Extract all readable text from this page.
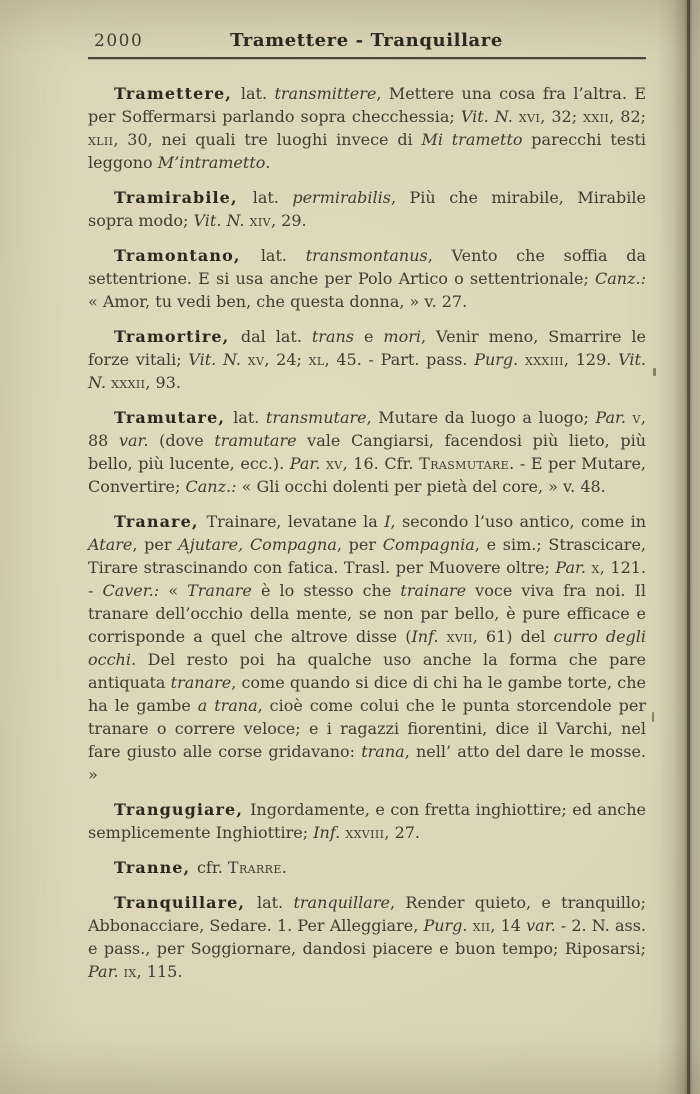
2000	Tramettere - Tranquillare

Tramettere, lat. transmittere, Mettere una cosa fra l’altra. E per Soffermarsi parlando sopra checchessia; Vit. N. xvi, 32; xxii, 82; xlii, 30, nei quali tre luoghi invece di Mi trametto parecchi testi leggono M’intrametto.

Tramirabile, lat. permirabilis, Più che mirabile, Mirabile sopra modo; Vit. N. xiv, 29.

Tramontano, lat. transmontanus, Vento che soffia da settentrione. E si usa anche per Polo Artico o settentrionale; Canz.: « Amor, tu vedi ben, che questa donna, » v. 27.

Tramortire, dal lat. trans e mori, Venir meno, Smarrire le forze vitali; Vit. N. xv, 24; xl, 45. - Part. pass. Purg. xxxiii, 129. Vit. N. xxxii, 93.

Tramutare, lat. transmutare, Mutare da luogo a luogo; Par. v, 88 var. (dove tramutare vale Cangiarsi, facendosi più lieto, più bello, più lucente, ecc.). Par. xv, 16. Cfr. Trasmutare. - E per Mutare, Convertire; Canz.: « Gli occhi dolenti per pietà del core, » v. 48.

Tranare, Trainare, levatane la I, secondo l’uso antico, come in Atare, per Ajutare, Compagna, per Compagnia, e sim.; Strascicare, Tirare strascinando con fatica. Trasl. per Muovere oltre; Par. x, 121. - Caver.: « Tranare è lo stesso che trainare voce viva fra noi. Il tranare dell’occhio della mente, se non par bello, è pure efficace e corrisponde a quel che altrove disse (Inf. xvii, 61) del curro degli occhi. Del resto poi ha qualche uso anche la forma che pare antiquata tranare, come quando si dice di chi ha le gambe torte, che ha le gambe a trana, cioè come colui che le punta storcendole per tranare o correre veloce; e i ragazzi fiorentini, dice il Varchi, nel fare giusto alle corse gridavano: trana, nell’ atto del dare le mosse. »

Trangugiare, Ingordamente, e con fretta inghiottire; ed anche semplicemente Inghiottire; Inf. xxviii, 27.

Tranne, cfr. Trarre.

Tranquillare, lat. tranquillare, Render quieto, e tranquillo; Abbonacciare, Sedare. 1. Per Alleggiare, Purg. xii, 14 var. - 2. N. ass. e pass., per Soggiornare, dandosi piacere e buon tempo; Riposarsi; Par. ix, 115.
